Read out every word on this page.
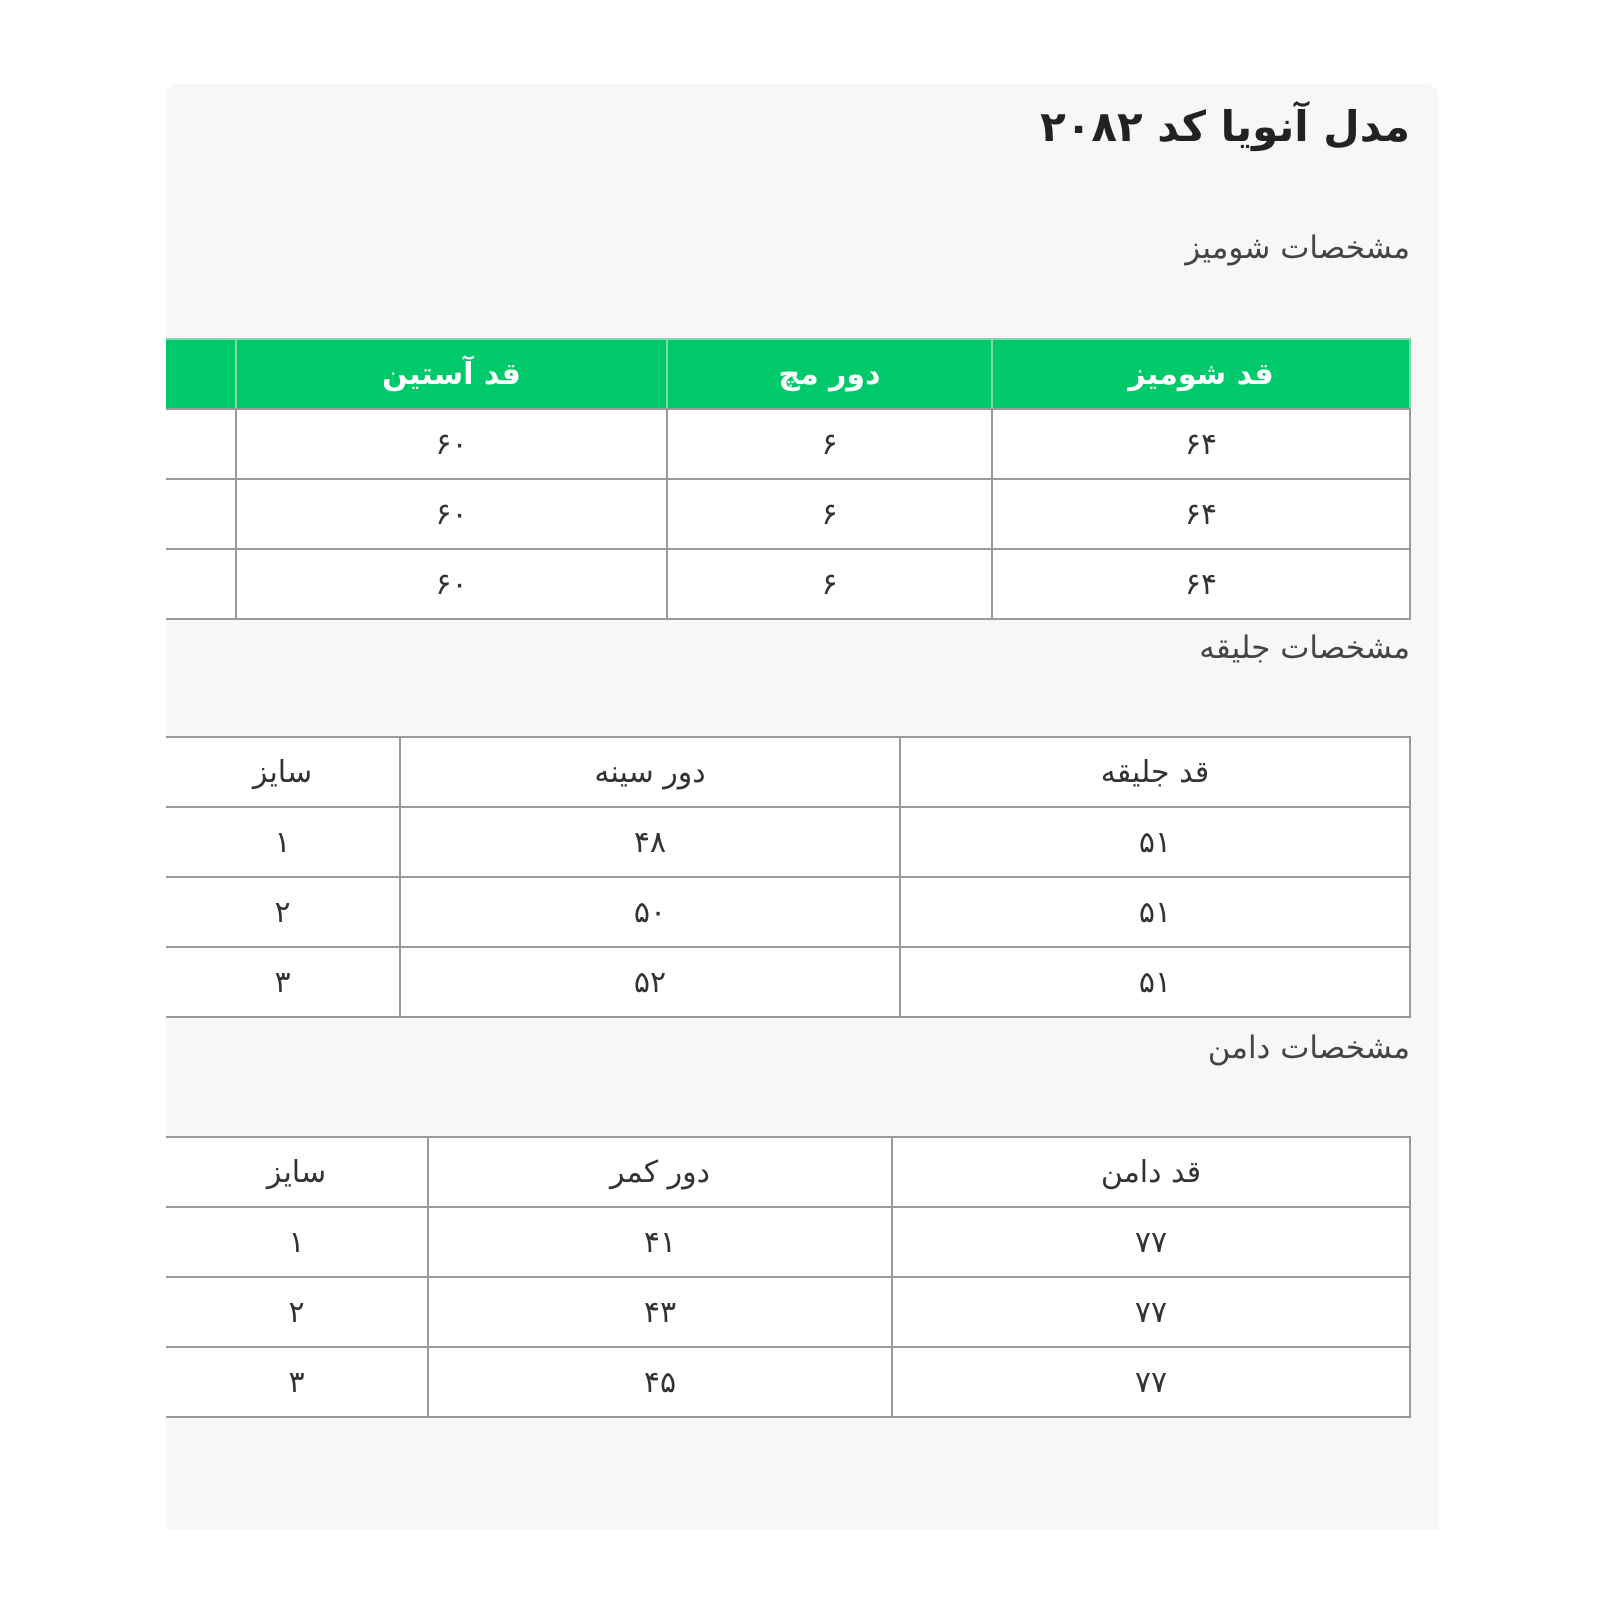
مدل آنویا کد ۲۰۸۲
مشخصات شومیز
قد شومیز	دور مچ	قد آستین	
۶۴	۶	۶۰	
۶۴	۶	۶۰	
۶۴	۶	۶۰	
مشخصات جلیقه
قد جلیقه	دور سینه	سایز
۵۱	۴۸	۱
۵۱	۵۰	۲
۵۱	۵۲	۳
مشخصات دامن
قد دامن	دور کمر	سایز
۷۷	۴۱	۱
۷۷	۴۳	۲
۷۷	۴۵	۳
